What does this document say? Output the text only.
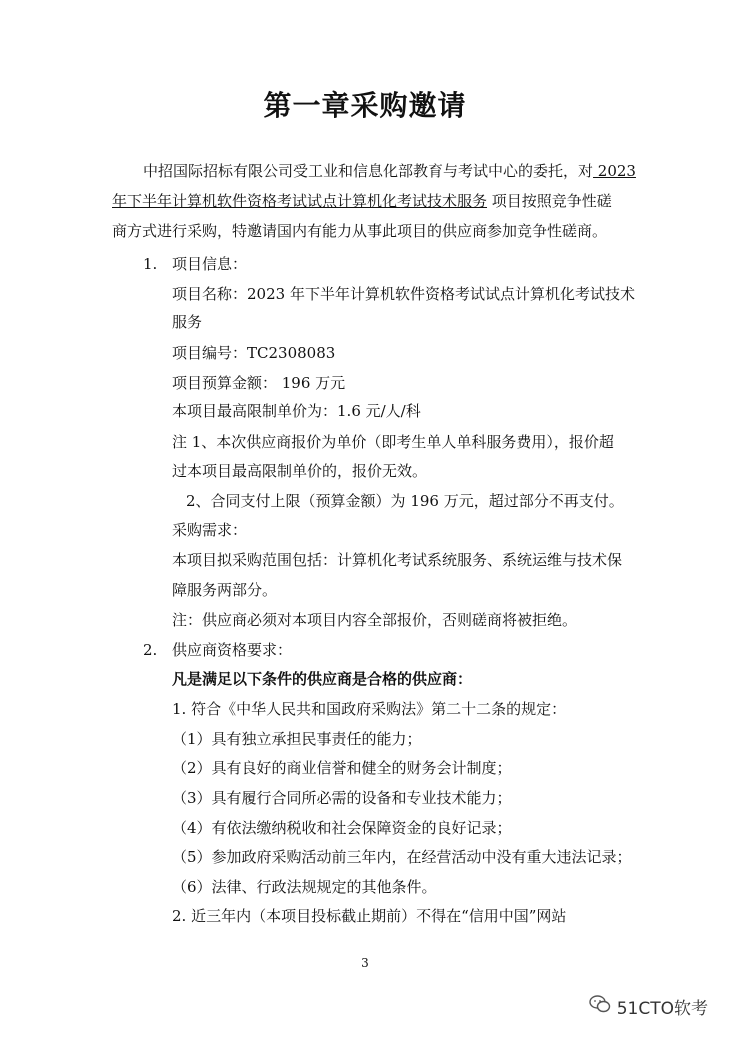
第一章采购邀请
中招国际招标有限公司受工业和信息化部教育与考试中心的委托，对 2023
年下半年计算机软件资格考试试点计算机化考试技术服务 项目按照竞争性磋
商方式进行采购，特邀请国内有能力从事此项目的供应商参加竞争性磋商。
1. 项目信息：
项目名称：2023 年下半年计算机软件资格考试试点计算机化考试技术
服务
项目编号：TC2308083
项目预算金额： 196 万元
本项目最高限制单价为：1.6 元/人/科
注 1、本次供应商报价为单价（即考生单人单科服务费用），报价超
过本项目最高限制单价的，报价无效。
2、合同支付上限（预算金额）为 196 万元，超过部分不再支付。
采购需求：
本项目拟采购范围包括：计算机化考试系统服务、系统运维与技术保
障服务两部分。
注：供应商必须对本项目内容全部报价，否则磋商将被拒绝。
2. 供应商资格要求：
凡是满足以下条件的供应商是合格的供应商：
1. 符合《中华人民共和国政府采购法》第二十二条的规定：
（1）具有独立承担民事责任的能力；
（2）具有良好的商业信誉和健全的财务会计制度；
（3）具有履行合同所必需的设备和专业技术能力；
（4）有依法缴纳税收和社会保障资金的良好记录；
（5）参加政府采购活动前三年内，在经营活动中没有重大违法记录；
（6）法律、行政法规规定的其他条件。
2. 近三年内（本项目投标截止期前）不得在“信用中国”网站
3
51CTO软考
